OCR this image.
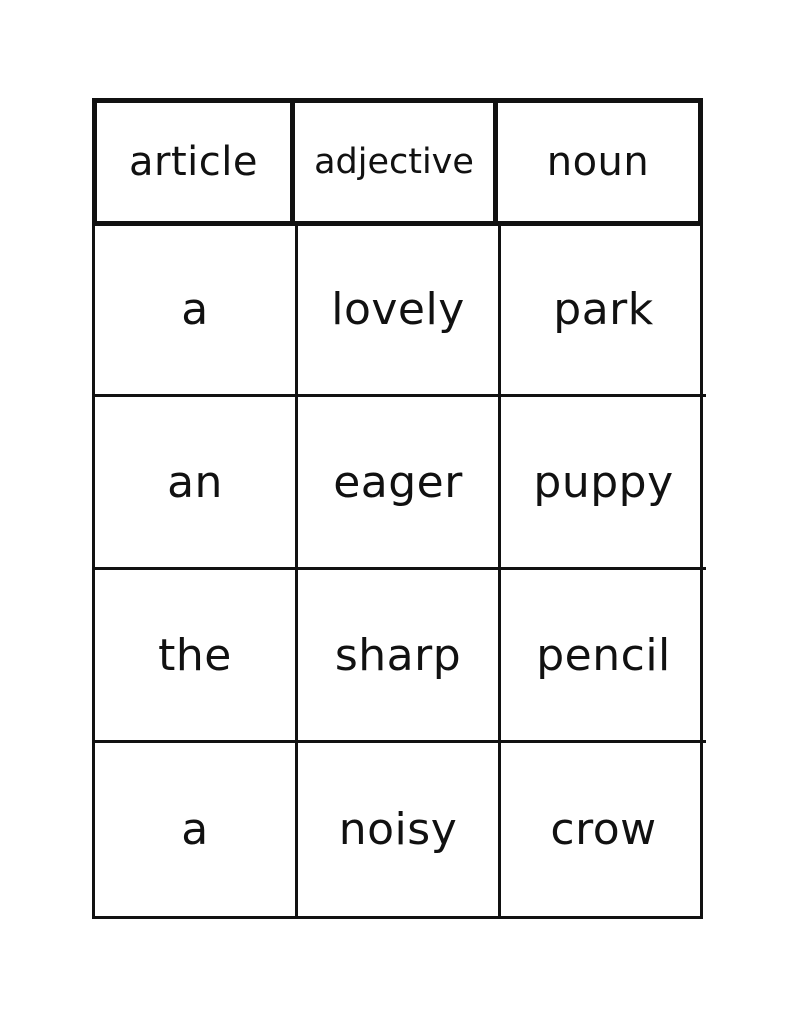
article	adjective	noun
a	lovely	park
an	eager	puppy
the	sharp	pencil
a	noisy	crow
